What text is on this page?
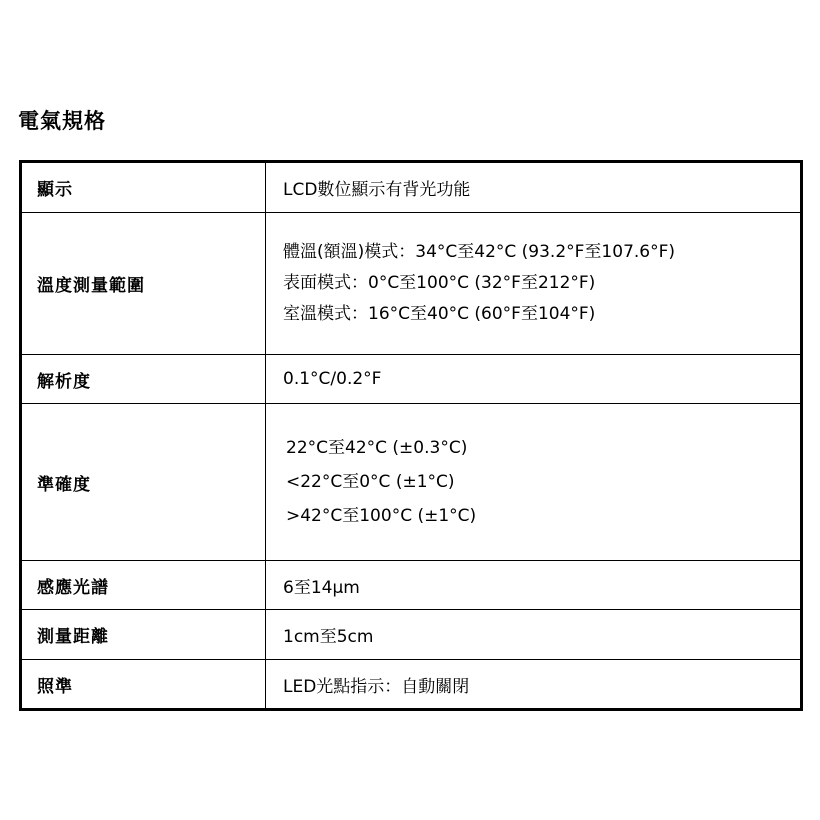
電氣規格
顯示	LCD數位顯示有背光功能

溫度測量範圍	體溫(額溫)模式：34°C至42°C (93.2°F至107.6°F)
表面模式：0°C至100°C (32°F至212°F)
室溫模式：16°C至40°C (60°F至104°F)

解析度	0.1°C/0.2°F

準確度	22°C至42°C (±0.3°C)
<22°C至0°C (±1°C)
>42°C至100°C (±1°C)

感應光譜	6至14μm

測量距離	1cm至5cm

照準	LED光點指示：自動關閉
